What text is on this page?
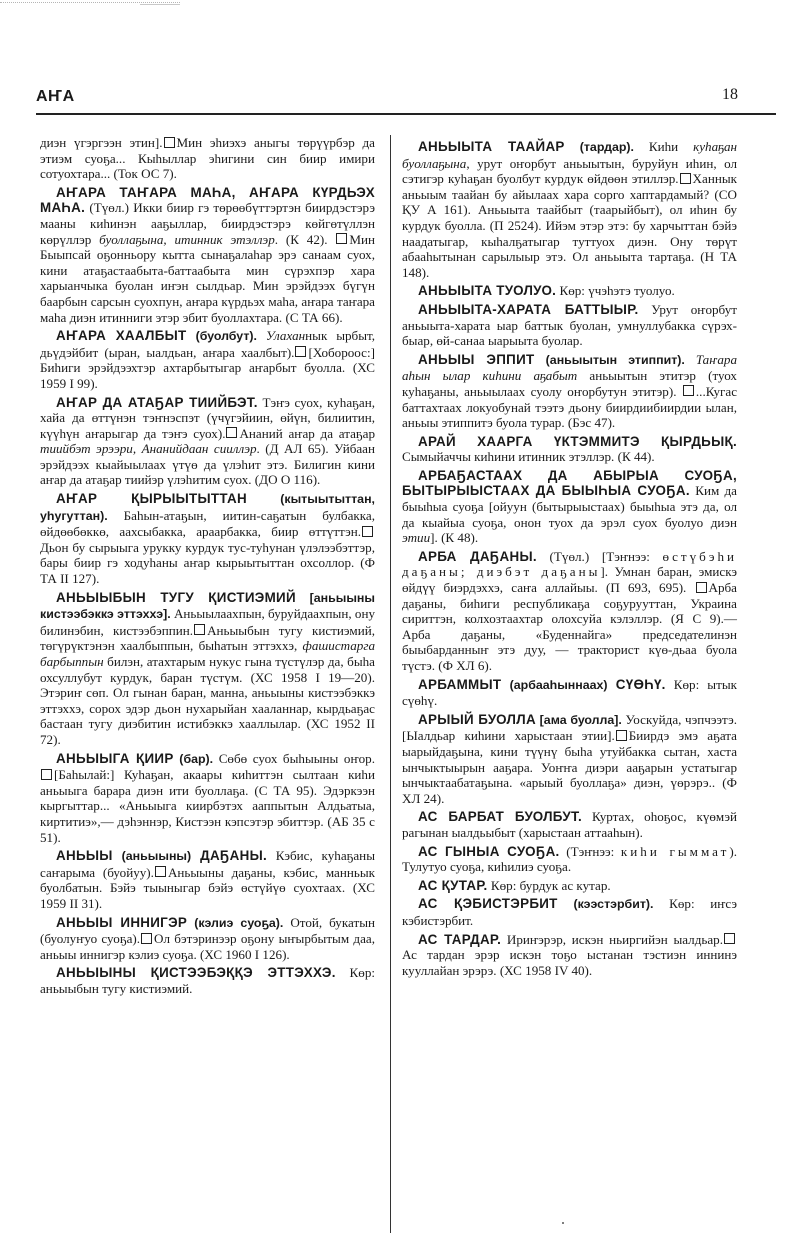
АҤА	18

диэн үгэргээн этин]. Мин эһиэхэ аныгы төрүүрбэр да этиэм суоҕа... Кыһыллар эһигини син биир имири сотуохтара... (Ток ОС 7).

АҤАРА ТАҤАРА МАҺА, АҤАРА КҮРДЬЭХ МАҺА. (Түөл.) Икки биир гэ төрөөбүттэртэн бииpдэстэрэ мааны киһинэн ааҕыллар, биирдэстэрэ көйгөтүллэн көрүллэр буоллаҕына, итинник этэллэр. (К 42). Мин Быыпсай оҕонньору кытта сынаҕалаһар эрэ санаам суох, кини атаҕастаабыта-баттаабыта мин сүрэхпэр хара харыанчыка буолан иҥэн сылдьар. Мин эрэйдээх бүгүн баарбын сарсын суохпун, аҥара күрдьэх маһа, аҥара таҥара маһа диэн итинниги этэр эбит буоллахтара. (С ТА 66).

АҤАРА ХААЛБЫТ (буолбут). Улаханнык ырбыт, дьүдэйбит (ыран, ыалдьан, аҥара хаалбыт). [Хобороос:] Биһиги эрэйдээхтэр ахтарбытыгар аҥарбыт буолла. (ХС 1959 I 99).

АҤАР ДА АТАҔАР ТИИЙБЭТ. Тэҥэ суох, куһаҕан, хайа да өттүнэн тэҥнэспэт (үчүгэйиин, өйүн, билиитин, күүһүн аҥарыгар да тэҥэ суох). Ананий аҥар да атаҕар тиийбэт эрээри, Ананийдаан сииллэр. (Д АЛ 65). Уйбаан эрэйдээх кыайыылаах үтүө да үлэһит этэ. Билигин кини аҥар да атаҕар тиийэр үлэһитим суох. (ДО О 116).

АҤАР ҚЫРЫЫТЫТТАН (кытыытыттан, уһугуттан). Баһын-атаҕын, иитин-саҕатын булбакка, өйдөөбөккө, аахсыбакка, араарбакка, биир өттүттэн.Дьон бу сырыыга урукку курдук тус-туһунан үлэлээбэттэр, бары биир гэ ходуһаны аҥар кырыытыттан охсоллор. (Ф ТА II 127).

АНЬЫЫБЫН ТУГУ ҚИСТИЭМИЙ [аньыыны кистээбэккэ эттэххэ]. Аньыылаахпын, буруйдаахпын, ону билинэбин, кистээбэппин. Аньыыбын тугу кистиэмий, төгүрүктэнэн хаалбыппын, быһатын эттэххэ, фашистарга барбыппын билэн, атахтарым нукус гына түстүлэр да, быһа охсуллубут курдук, баран түстүм. (ХС 1958 I 19—20). Этэриҥ сөп. Ол гынан баран, манна, аньыыны кистээбэккэ эттэххэ, сорох эдэр дьон нухарыйан хааланнар, кырдьаҕас бастаан тугу диэбитин истибэккэ хааллылар. (ХС 1952 II 72).

АНЬЫЫГА ҚИИР (бар). Сөбө суох быһыыны оҥор.[Баһылай:] Куһаҕан, акаары киһиттэн сылтаан киһи аньыыга барара диэн ити буоллаҕа. (С ТА 95). Эдэркээн кыргыттар... «Аньыыга киирбэтэх ааппытын Алдьатыа, киртитиэ»,— дэһэннэр, Кистээн кэпсэтэр эбиттэр. (АБ 35 с 51).

АНЬЫЫ (аньыыны) ДАҔАНЫ. Кэбис, куһаҕаны саҥарыма (буойуу). Аньыыны даҕаны, кэбис, манньык буолбатын. Бэйэ тыыныгар бэйэ өстүйүө суохтаах. (ХС 1959 II 31).

АНЬЫЫ ИННИГЭР (кэлиэ суоҕа). Отой, букатын (буолуҥуо суоҕа). Ол бэтэринээр оҕону ыҥырбытым даа, аньыы иннигэр кэлиэ суоҕа. (ХС 1960 I 126).

АНЬЫЫНЫ ҚИСТЭЭБЭҚҚЭ ЭТТЭХХЭ. Көр: аньыыбын тугу кистиэмий.

АНЬЫЫТА ТААЙАР (тардар). Киһи куһаҕан буоллаҕына, урут оҥорбут аньыытын, буруйун иһин, ол сэтигэр куһаҕан буолбут курдук өйдөөн этиллэр. Ханнык аньыым таайан бу айылаах хара сорго хаптардамый? (СО ҚУ А 161). Аньыыта таайбыт (таарыйбыт), ол иһин бу курдук буолла. (П 2524). Ийэм этэр этэ: бу харчыттан бэйэ наадатыгар, кыһалҕатыгар туттуох диэн. Ону төрүт абааһытынан сарылыыр этэ. Ол аньыыта тартаҕа. (Н ТА 148).

АНЬЫЫТА ТУОЛУО. Көр: үчэһэтэ туолуо.

АНЬЫЫТА-ХАРАТА БАТТЫЫР. Урут оҥорбут аньыыта-харата ыар баттык буолан, умнуллубакка сүрэх-быар, өй-санаа ыарыыта буолар.

АНЬЫЫ ЭППИТ (аньыытын этиппит). Таҥара аһын ылар киһини аҕабыт аньыытын этитэр (туох куһаҕаны, аньыылаах суолу оҥорбутун этитэр). ...Кугас баттахтаах локуобунай тээтэ дьону биирдиибиирдии ылан, аньыы этиппитэ буола турар. (Бэс 47).

АРАЙ ХААРГА ҮКТЭММИТЭ ҚЫРДЬЫҚ. Сымыйаччы киһини итинник этэллэр. (К 44).

АРБАҔАСТААХ ДА АБЫРЫА СУОҔА, БЫТЫРЫЫСТААХ ДА БЫЫҺЫА СУОҔА. Ким да быыһыа суоҕа [ойуун (бытырыыстаах) быыһыа этэ да, ол да кыайыа суоҕа, онон туох да эрэл суох буолуо диэн этии]. (К 48).

АРБА ДАҔАНЫ. (Түөл.) [Тэҥнээ: өстүбэһи даҕаны; диэбэт даҕаны]. Умнан баран, эмискэ өйдүү биэрдэххэ, саҥа аллайыы. (П 693, 695). Арба даҕаны, биһиги республикаҕа соҕурууттан, Украина сириттэн, колхозтаахтар олохсуйа кэлэллэр. (Я С 9).— Арба даҕаны, «Буденнайга» председателинэн быыбарданныҥ этэ дуу, — тракторист күө-дьаа буола түстэ. (Ф ХЛ 6).

АРБАММЫТ (арбааһыннаах) СҮӨҺҮ. Көр: ытык сүөһү.

АРЫЫЙ БУОЛЛА [ама буолла]. Уоскуйда, чэпчээтэ. [Ыалдьар киһини харыстаан этии]. Биирдэ эмэ аҕата ыарыйдаҕына, кини түүнү быһа утуйбакка сытан, хаста ынчыктыырын ааҕара. Уоҥҥа диэри ааҕарын устатыгар ынчыктаабатаҕына. «арыый буоллаҕа» диэн, үөрэрэ.. (Ф ХЛ 24).

АС БАРБАТ БУОЛБУТ. Куртах, оһоҕос, күөмэй рагынан ыалдьыбыт (харыстаан аттааһын).

АС ГЫНЫА СУОҔА. (Тэҥнээ: киһи гыммат). Тулутуо суоҕа, киһилиэ суоҕа.

АС ҚУТАР. Көр: бурдук ас кутар.

АС ҚЭБИСТЭРБИТ (кээстэрбит). Көр: иҥсэ кэбистэрбит.

АС ТАРДАР. Ириҥэрэр, искэн ньиргийэн ыалдьар.Ас тардан эрэр искэн тоҕо ыстанан тэстиэн иннинэ кууллайан эрэрэ. (ХС 1958 IV 40).
